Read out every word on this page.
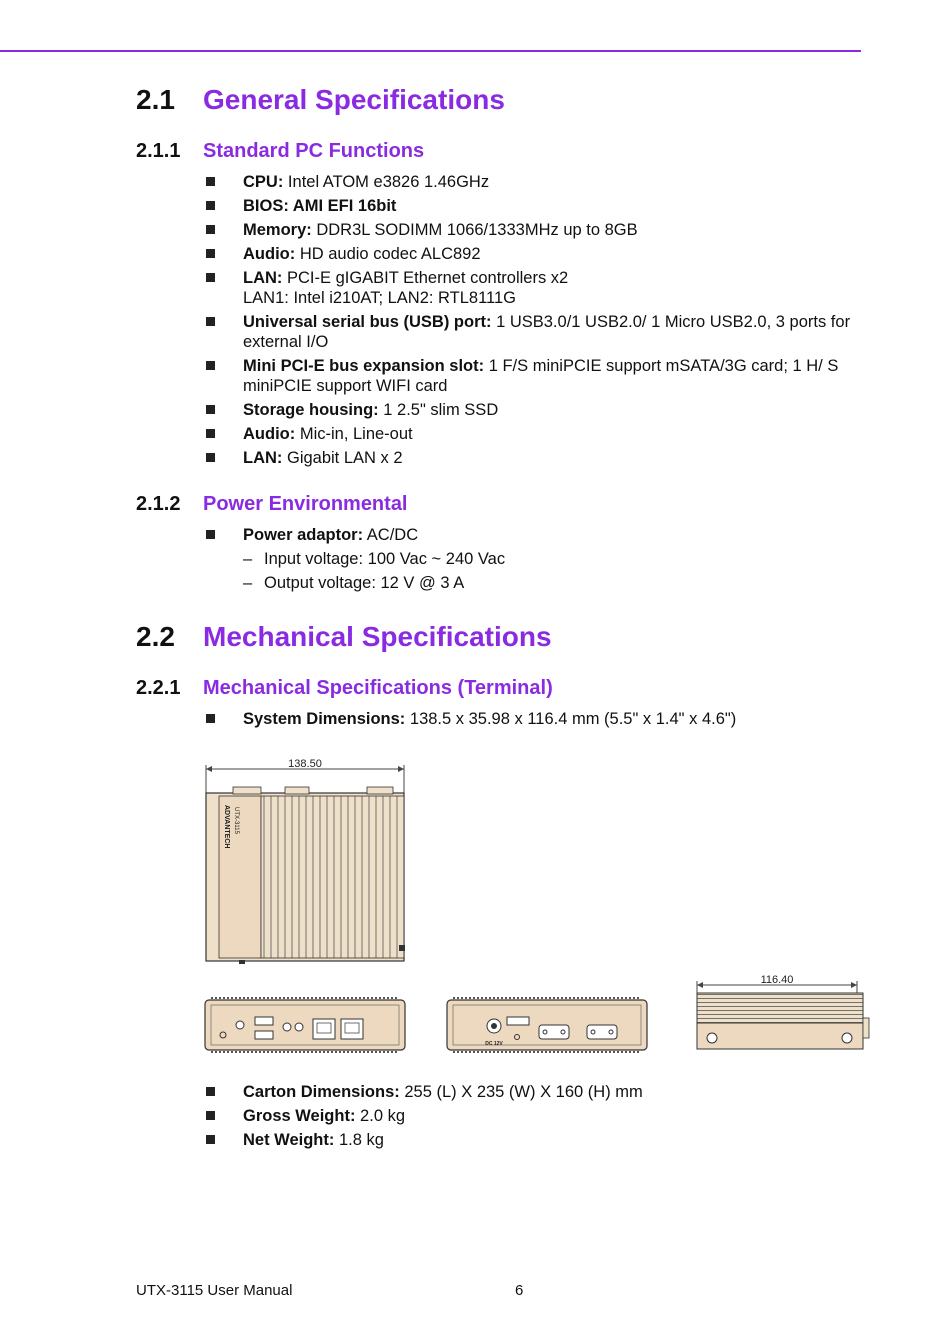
2.1 General Specifications
2.1.1 Standard PC Functions
CPU: Intel ATOM e3826 1.46GHz
BIOS: AMI EFI 16bit
Memory: DDR3L SODIMM 1066/1333MHz up to 8GB
Audio: HD audio codec ALC892
LAN: PCI-E gIGABIT Ethernet controllers x2
LAN1: Intel i210AT; LAN2: RTL8111G
Universal serial bus (USB) port: 1 USB3.0/1 USB2.0/ 1 Micro USB2.0, 3 ports for external I/O
Mini PCI-E bus expansion slot: 1 F/S miniPCIE support mSATA/3G card; 1 H/ S miniPCIE support WIFI card
Storage housing: 1 2.5" slim SSD
Audio: Mic-in, Line-out
LAN: Gigabit LAN x 2
2.1.2 Power Environmental
Power adaptor: AC/DC
– Input voltage: 100 Vac ~ 240 Vac
– Output voltage: 12 V @ 3 A
2.2 Mechanical Specifications
2.2.1 Mechanical Specifications (Terminal)
System Dimensions: 138.5 x 35.98 x 116.4 mm (5.5" x 1.4" x 4.6")
138.50
ADVANTECH UTX-3115
DC 12V
116.40
Carton Dimensions: 255 (L) X 235 (W) X 160 (H) mm
Gross Weight: 2.0 kg
Net Weight: 1.8 kg
UTX-3115 User Manual	6
